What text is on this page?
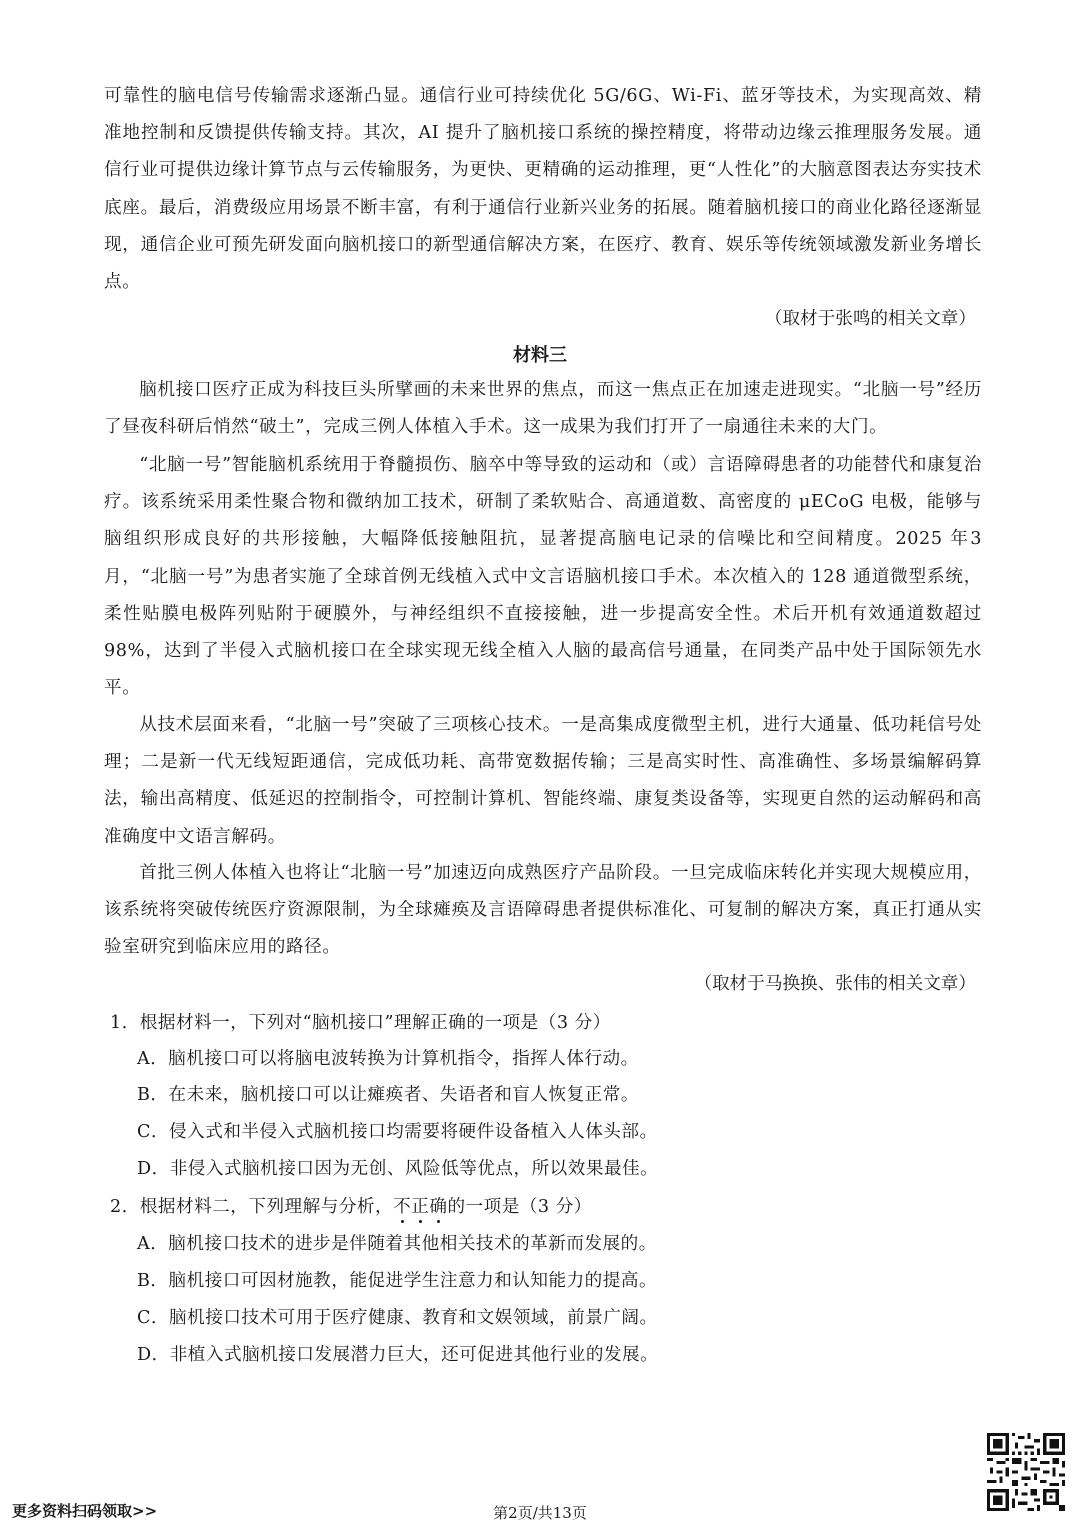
可靠性的脑电信号传输需求逐渐凸显。通信行业可持续优化 5G/6G、Wi-Fi、蓝牙等技术，为实现高效、精准地控制和反馈提供传输支持。其次，AI 提升了脑机接口系统的操控精度，将带动边缘云推理服务发展。通信行业可提供边缘计算节点与云传输服务，为更快、更精确的运动推理，更“人性化”的大脑意图表达夯实技术底座。最后，消费级应用场景不断丰富，有利于通信行业新兴业务的拓展。随着脑机接口的商业化路径逐渐显现，通信企业可预先研发面向脑机接口的新型通信解决方案，在医疗、教育、娱乐等传统领域激发新业务增长点。

（取材于张鸣的相关文章）

材料三

脑机接口医疗正成为科技巨头所擘画的未来世界的焦点，而这一焦点正在加速走进现实。“北脑一号”经历了昼夜科研后悄然“破土”，完成三例人体植入手术。这一成果为我们打开了一扇通往未来的大门。

“北脑一号”智能脑机系统用于脊髓损伤、脑卒中等导致的运动和（或）言语障碍患者的功能替代和康复治疗。该系统采用柔性聚合物和微纳加工技术，研制了柔软贴合、高通道数、高密度的 μECoG 电极，能够与脑组织形成良好的共形接触，大幅降低接触阻抗，显著提高脑电记录的信噪比和空间精度。2025 年3 月，“北脑一号”为患者实施了全球首例无线植入式中文言语脑机接口手术。本次植入的 128 通道微型系统，柔性贴膜电极阵列贴附于硬膜外，与神经组织不直接接触，进一步提高安全性。术后开机有效通道数超过 98%，达到了半侵入式脑机接口在全球实现无线全植入人脑的最高信号通量，在同类产品中处于国际领先水平。

从技术层面来看，“北脑一号”突破了三项核心技术。一是高集成度微型主机，进行大通量、低功耗信号处理；二是新一代无线短距通信，完成低功耗、高带宽数据传输；三是高实时性、高准确性、多场景编解码算法，输出高精度、低延迟的控制指令，可控制计算机、智能终端、康复类设备等，实现更自然的运动解码和高准确度中文语言解码。

首批三例人体植入也将让“北脑一号”加速迈向成熟医疗产品阶段。一旦完成临床转化并实现大规模应用，该系统将突破传统医疗资源限制，为全球瘫痪及言语障碍患者提供标准化、可复制的解决方案，真正打通从实验室研究到临床应用的路径。

（取材于马换换、张伟的相关文章）

1．根据材料一，下列对“脑机接口”理解正确的一项是（3 分）

A．脑机接口可以将脑电波转换为计算机指令，指挥人体行动。

B．在未来，脑机接口可以让瘫痪者、失语者和盲人恢复正常。

C．侵入式和半侵入式脑机接口均需要将硬件设备植入人体头部。

D．非侵入式脑机接口因为无创、风险低等优点，所以效果最佳。

2．根据材料二，下列理解与分析，不
正
确
的一项是（3 分）

A．脑机接口技术的进步是伴随着其他相关技术的革新而发展的。

B．脑机接口可因材施教，能促进学生注意力和认知能力的提高。

C．脑机接口技术可用于医疗健康、教育和文娱领域，前景广阔。

D．非植入式脑机接口发展潜力巨大，还可促进其他行业的发展。

更多资料扫码领取>>	第2页/共13页
